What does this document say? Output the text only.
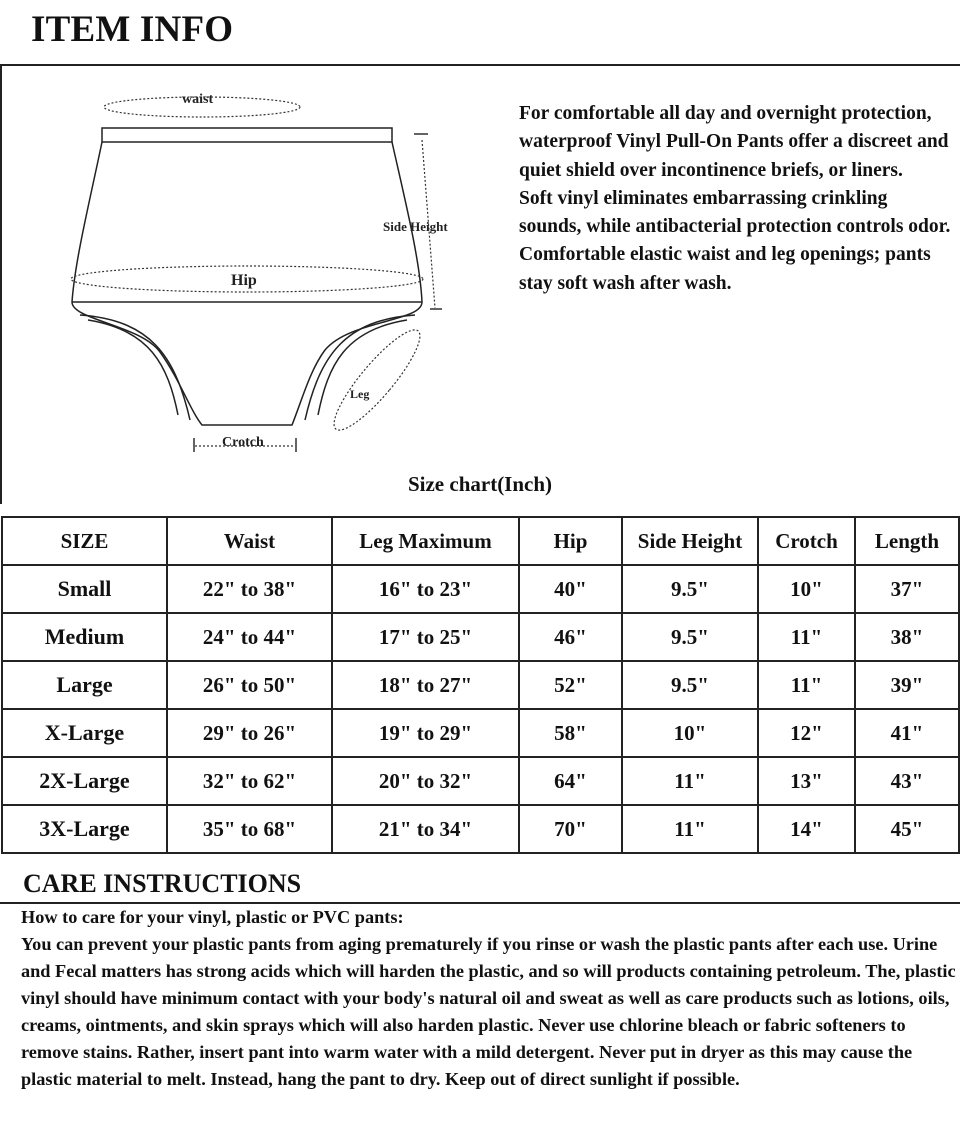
ITEM INFO
waist
Side Height
Hip
Leg
Crotch

For comfortable all day and overnight protection, waterproof Vinyl Pull-On Pants offer a discreet and quiet shield over incontinence briefs, or liners.

Soft vinyl eliminates embarrassing crinkling sounds, while antibacterial protection controls odor. Comfortable elastic waist and leg openings; pants stay soft wash after wash.

Size chart(Inch)
SIZE	Waist	Leg Maximum	Hip	Side Height	Crotch	Length
Small	22" to 38"	16" to 23"	40"	9.5"	10"	37"
Medium	24" to 44"	17" to 25"	46"	9.5"	11"	38"
Large	26" to 50"	18" to 27"	52"	9.5"	11"	39"
X-Large	29" to 26"	19" to 29"	58"	10"	12"	41"
2X-Large	32" to 62"	20" to 32"	64"	11"	13"	43"
3X-Large	35" to 68"	21" to 34"	70"	11"	14"	45"
CARE INSTRUCTIONS

How to care for your vinyl, plastic or PVC pants:

You can prevent your plastic pants from aging prematurely if you rinse or wash the plastic pants after each use. Urine and Fecal matters has strong acids which will harden the plastic, and so will products containing petroleum. The, plastic vinyl should have minimum contact with your body's natural oil and sweat as well as care products such as lotions, oils, creams, ointments, and skin sprays which will also harden plastic. Never use chlorine bleach or fabric softeners to remove stains. Rather, insert pant into warm water with a mild detergent. Never put in dryer as this may cause the plastic material to melt. Instead, hang the pant to dry. Keep out of direct sunlight if possible.
